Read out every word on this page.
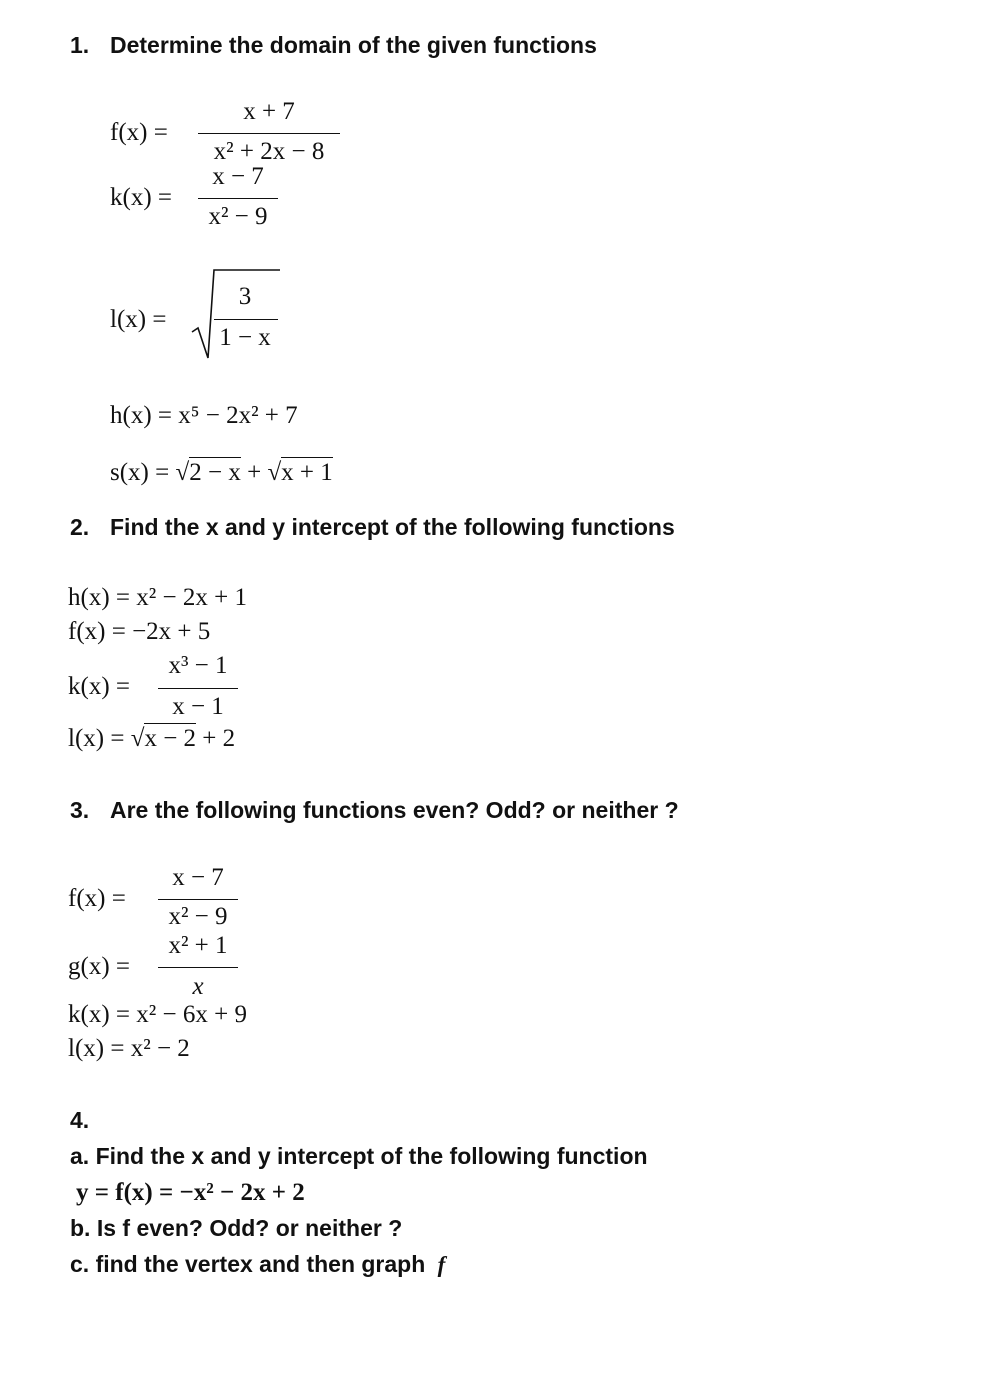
1. Determine the domain of the given functions
f(x) =
x + 7
x² + 2x − 8
k(x) =
x − 7
x² − 9
l(x) =
3
1 − x
h(x) = x⁵ − 2x² + 7
s(x) = √2 − x + √x + 1
2. Find the x and y intercept of the following functions
h(x) = x² − 2x + 1
f(x) = −2x + 5
k(x) =
x³ − 1
x − 1
l(x) = √x − 2 + 2
3. Are the following functions even? Odd? or neither ?
f(x) =
x − 7
x² − 9
g(x) =
x² + 1
x
k(x) = x² − 6x + 9
l(x) = x² − 2
4.
a. Find the x and y intercept of the following function
y = f(x) = −x² − 2x + 2
b. Is f even? Odd? or neither ?
c. find the vertex and then graph f
